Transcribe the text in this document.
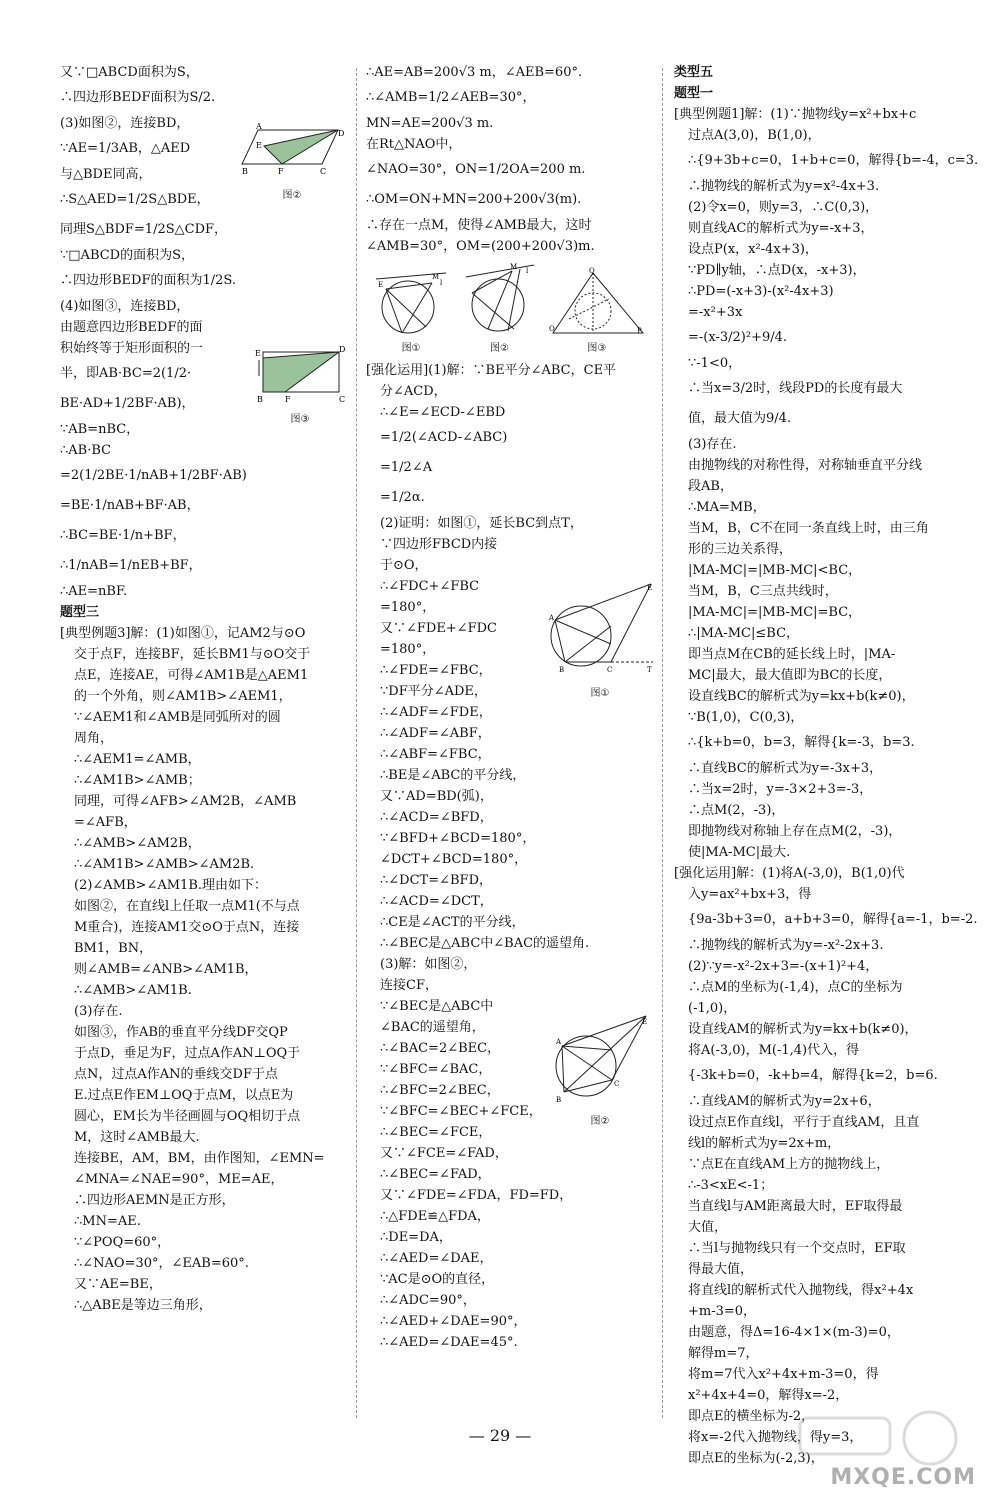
又∵□ABCD面积为S，
∴四边形BEDF面积为S/2.
(3)如图②，连接BD，
∵AE=1/3AB，△AED
与△BDE同高，
∴S△AED=1/2S△BDE，
同理S△BDF=1/2S△CDF，
∵□ABCD的面积为S，
∴四边形BEDF的面积为1/2S.
(4)如图③，连接BD，
由题意四边形BEDF的面
积始终等于矩形面积的一
半，即AB·BC=2(1/2·
BE·AD+1/2BF·AB)，
∵AB=nBC，
∴AB·BC
=2(1/2BE·1/nAB+1/2BF·AB)
=BE·1/nAB+BF·AB，
∴BC=BE·1/n+BF，
∴1/nAB=1/nEB+BF，
∴AE=nBF.
题型三
[典型例题3]解：(1)如图①，记AM2与⊙O
交于点F，连接BF，延长BM1与⊙O交于
点E，连接AE，可得∠AM1B是△AEM1
的一个外角，则∠AM1B>∠AEM1，
∵∠AEM1和∠AMB是同弧所对的圆
周角，
∴∠AEM1=∠AMB，
∴∠AM1B>∠AMB；
同理，可得∠AFB>∠AM2B，∠AMB
=∠AFB，
∴∠AMB>∠AM2B，
∴∠AM1B>∠AMB>∠AM2B.
(2)∠AMB>∠AM1B.理由如下：
如图②，在直线l上任取一点M1(不与点
M重合)，连接AM1交⊙O于点N，连接
BM1，BN，
则∠AMB=∠ANB>∠AM1B，
∴∠AMB>∠AM1B.
(3)存在.
如图③，作AB的垂直平分线DF交QP
于点D，垂足为F，过点A作AN⊥OQ于
点N，过点A作AN的垂线交DF于点
E.过点E作EM⊥OQ于点M，以点E为
圆心，EM长为半径画圆与OQ相切于点
M，这时∠AMB最大.
连接BE，AM，BM，由作图知，∠EMN=
∠MNA=∠NAE=90°，ME=AE，
∴四边形AEMN是正方形，
∴MN=AE.
∵∠POQ=60°，
∴∠NAO=30°，∠EAB=60°.
又∵AE=BE，
∴△ABE是等边三角形，
A
D
B	F	C
E
图②
E	D
B	F	C
图③
∴AE=AB=200√3 m，∠AEB=60°.
∴∠AMB=1/2∠AEB=30°，
MN=AE=200√3 m.
在Rt△NAO中，
∠NAO=30°，ON=1/2OA=200 m.
∴OM=ON+MN=200+200√3(m).
∴存在一点M，使得∠AMB最大，这时
∠AMB=30°，OM=(200+200√3)m.
M
E	l
图①
M l
图②
Q
P
O
图③
[强化运用](1)解：∵BE平分∠ABC，CE平
分∠ACD，
∴∠E=∠ECD-∠EBD
=1/2(∠ACD-∠ABC)
=1/2∠A
=1/2α.
(2)证明：如图①，延长BC到点T，
∵四边形FBCD内接
于⊙O，
∴∠FDC+∠FBC
=180°，
又∵∠FDE+∠FDC
=180°，
∴∠FDE=∠FBC，
∵DF平分∠ADE，
∴∠ADF=∠FDE，
∴∠ADF=∠ABF，
∴∠ABF=∠FBC，
∴BE是∠ABC的平分线，
又∵AD=BD(弧)，
∴∠ACD=∠BFD，
∵∠BFD+∠BCD=180°，
∠DCT+∠BCD=180°，
∴∠DCT=∠BFD，
∴∠ACD=∠DCT，
∴CE是∠ACT的平分线，
∴∠BEC是△ABC中∠BAC的遥望角.
(3)解：如图②，
连接CF，
∵∠BEC是△ABC中
∠BAC的遥望角，
∴∠BAC=2∠BEC，
∵∠BFC=∠BAC，
∴∠BFC=2∠BEC，
∵∠BFC=∠BEC+∠FCE，
∴∠BEC=∠FCE，
又∵∠FCE=∠FAD，
∴∠BEC=∠FAD，
又∵∠FDE=∠FDA，FD=FD，
∴△FDE≌△FDA，
∴DE=DA，
∴∠AED=∠DAE，
∵AC是⊙O的直径，
∴∠ADC=90°，
∴∠AED+∠DAE=90°，
∴∠AED=∠DAE=45°.
A
B	C
E
T
图①
A
B
C
E
图②
类型五
题型一
[典型例题1]解：(1)∵抛物线y=x²+bx+c
过点A(3,0)，B(1,0)，
∴{9+3b+c=0，1+b+c=0，解得{b=-4，c=3.
∴抛物线的解析式为y=x²-4x+3.
(2)令x=0，则y=3，∴C(0,3)，
则直线AC的解析式为y=-x+3，
设点P(x，x²-4x+3)，
∵PD∥y轴，∴点D(x，-x+3)，
∴PD=(-x+3)-(x²-4x+3)
=-x²+3x
=-(x-3/2)²+9/4.
∵-1<0，
∴当x=3/2时，线段PD的长度有最大
值，最大值为9/4.
(3)存在.
由抛物线的对称性得，对称轴垂直平分线
段AB，
∴MA=MB，
当M，B，C不在同一条直线上时，由三角
形的三边关系得，
|MA-MC|=|MB-MC|<BC，
当M，B，C三点共线时，
|MA-MC|=|MB-MC|=BC，
∴|MA-MC|≤BC，
即当点M在CB的延长线上时，|MA-
MC|最大，最大值即为BC的长度，
设直线BC的解析式为y=kx+b(k≠0)，
∵B(1,0)，C(0,3)，
∴{k+b=0，b=3，解得{k=-3，b=3.
∴直线BC的解析式为y=-3x+3，
∴当x=2时，y=-3×2+3=-3，
∴点M(2，-3)，
即抛物线对称轴上存在点M(2，-3)，
使|MA-MC|最大.
[强化运用]解：(1)将A(-3,0)，B(1,0)代
入y=ax²+bx+3，得
{9a-3b+3=0，a+b+3=0，解得{a=-1，b=-2.
∴抛物线的解析式为y=-x²-2x+3.
(2)∵y=-x²-2x+3=-(x+1)²+4，
∴点M的坐标为(-1,4)，点C的坐标为
(-1,0)，
设直线AM的解析式为y=kx+b(k≠0)，
将A(-3,0)，M(-1,4)代入，得
{-3k+b=0，-k+b=4，解得{k=2，b=6.
∴直线AM的解析式为y=2x+6，
设过点E作直线l，平行于直线AM，且直
线l的解析式为y=2x+m，
∵点E在直线AM上方的抛物线上，
∴-3<xE<-1；
当直线l与AM距离最大时，EF取得最
大值，
∴当l与抛物线只有一个交点时，EF取
得最大值，
将直线l的解析式代入抛物线，得x²+4x
+m-3=0，
由题意，得Δ=16-4×1×(m-3)=0，
解得m=7，
将m=7代入x²+4x+m-3=0，得
x²+4x+4=0，解得x=-2，
即点E的横坐标为-2，
将x=-2代入抛物线，得y=3，
即点E的坐标为(-2,3)，
— 29 —
MXQE.COM
